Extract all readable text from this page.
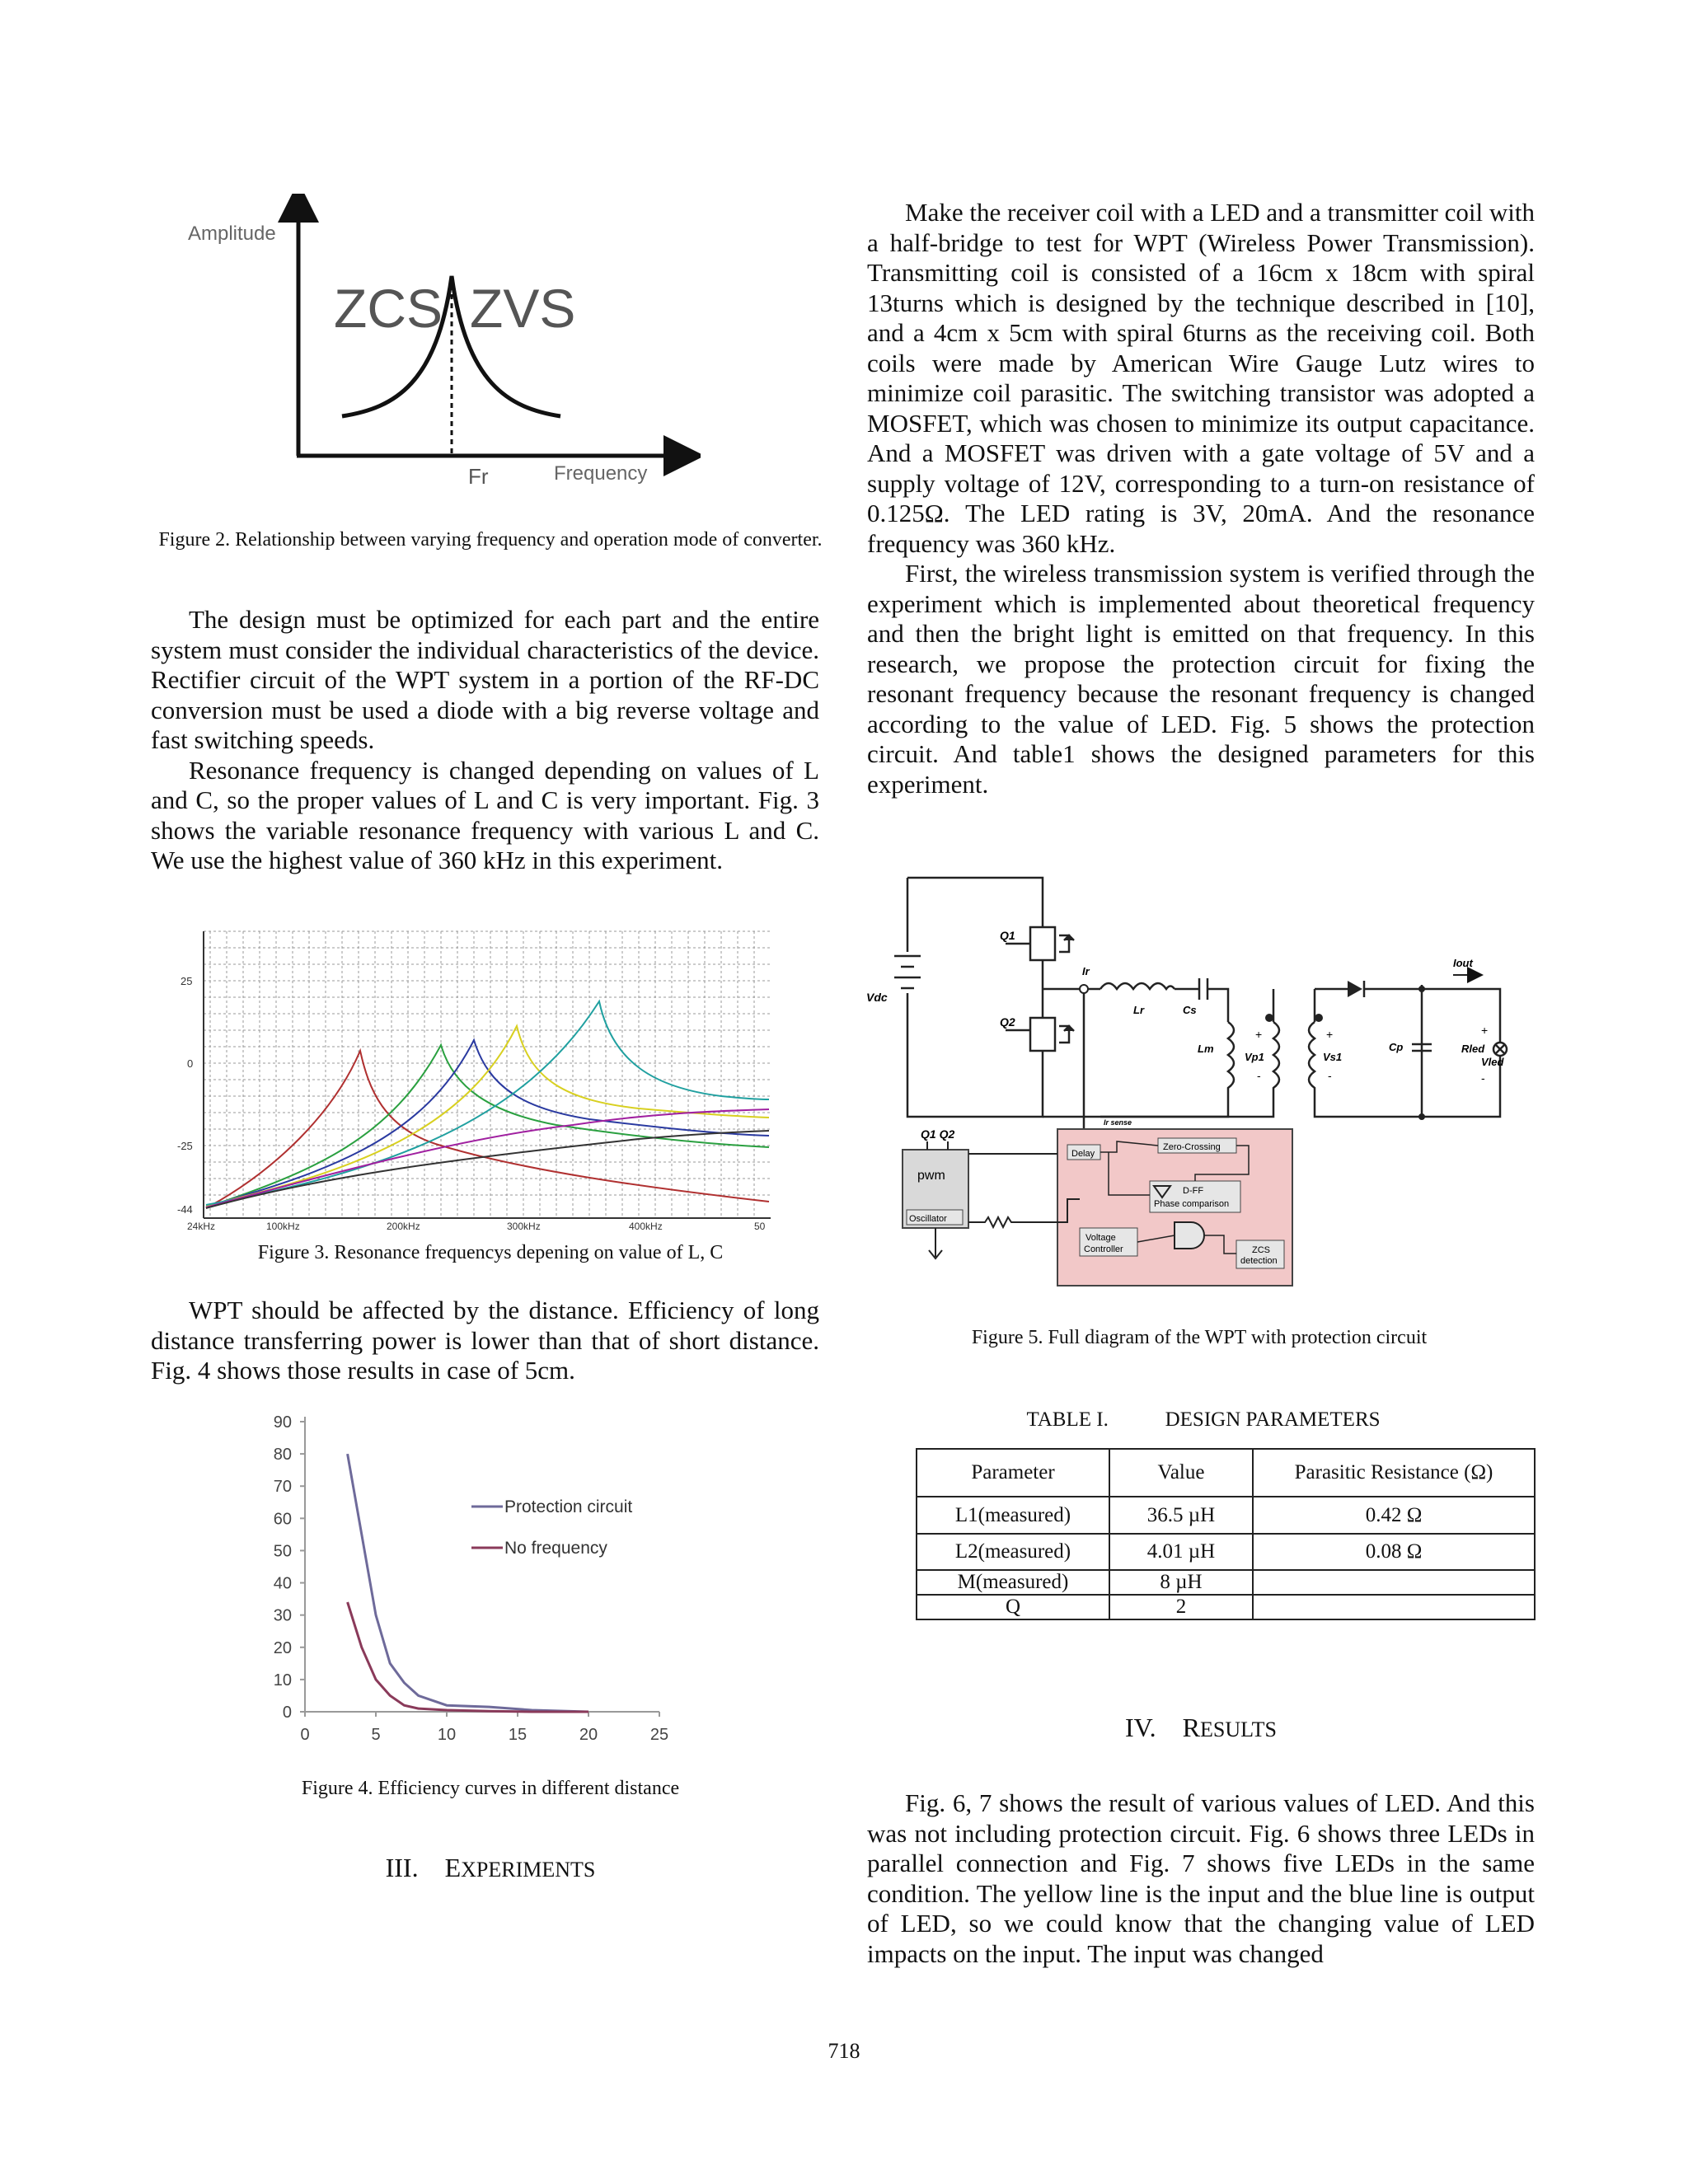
Amplitude
ZCS ZVS
Fr	Frequency
Figure 2. Relationship between varying frequency and operation mode of converter.

The design must be optimized for each part and the entire system must consider the individual characteristics of the device. Rectifier circuit of the WPT system in a portion of the RF-DC conversion must be used a diode with a big reverse voltage and fast switching speeds.

Resonance frequency is changed depending on values of L and C, so the proper values of L and C is very important. Fig. 3 shows the variable resonance frequency with various L and C. We use the highest value of 360 kHz in this experiment.

25
0
-25
-44
24kHz	100kHz	200kHz	300kHz	400kHz	50
Figure 3. Resonance frequencys depening on value of L, C

WPT should be affected by the distance. Efficiency of long distance transferring power is lower than that of short distance. Fig. 4 shows those results in case of 5cm.

0
10
20
30
40
50
60
70
80
90
0	5	10	15	20	25
Protection circuit
No frequency
Figure 4. Efficiency curves in different distance
III. EXPERIMENTS

Make the receiver coil with a LED and a transmitter coil with a half-bridge to test for WPT (Wireless Power Transmission). Transmitting coil is consisted of a 16cm x 18cm with spiral 13turns which is designed by the technique described in [10], and a 4cm x 5cm with spiral 6turns as the receiving coil. Both coils were made by American Wire Gauge Lutz wires to minimize coil parasitic. The switching transistor was adopted a MOSFET, which was chosen to minimize its output capacitance. And a MOSFET was driven with a gate voltage of 5V and a supply voltage of 12V, corresponding to a turn-on resistance of 0.125Ω. The LED rating is 3V, 20mA. And the resonance frequency was 360 kHz.

First, the wireless transmission system is verified through the experiment which is implemented about theoretical frequency and then the bright light is emitted on that frequency. In this research, we propose the protection circuit for fixing the resonant frequency because the resonant frequency is changed according to the value of LED. Fig. 5 shows the protection circuit. And table1 shows the designed parameters for this experiment.

Vdc
Q1
Q2
Ir
Lr	Cs
Lm
+
Vp1
-
+
Vs1
-
Iout
Cp	Rled
+
Vled
-
Ir sense
Delay
Zero-Crossing
D-FF
Phase comparison
Voltage
Controller	ZCS
detection
Q1 Q2
pwm
Oscillator
Figure 5. Full diagram of the WPT with protection circuit
TABLE I.	DESIGN PARAMETERS
Parameter	Value	Parasitic Resistance (Ω)
L1(measured)	36.5 µH	0.42 Ω
L2(measured)	4.01 µH	0.08 Ω
M(measured)	8 µH	
Q	2	
IV. RESULTS

Fig. 6, 7 shows the result of various values of LED. And this was not including protection circuit. Fig. 6 shows three LEDs in parallel connection and Fig. 7 shows five LEDs in the same condition. The yellow line is the input and the blue line is output of LED, so we could know that the changing value of LED impacts on the input. The input was changed

718
